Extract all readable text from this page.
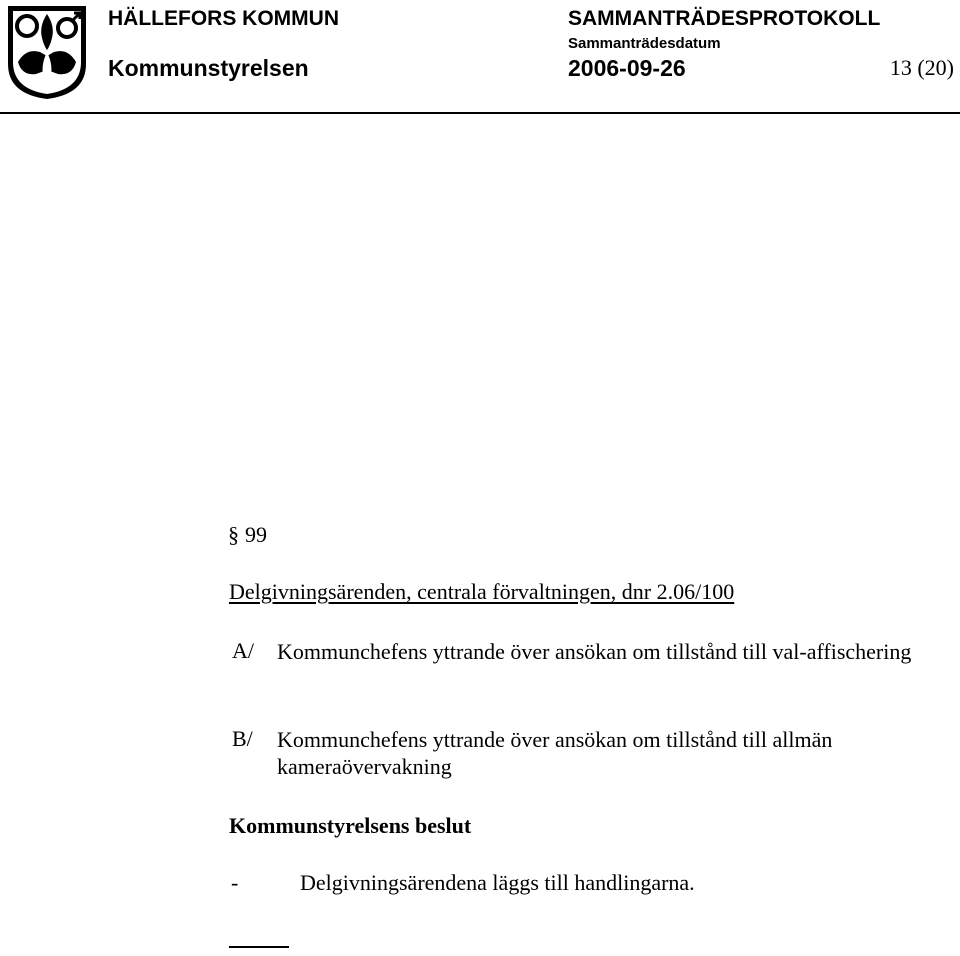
HÄLLEFORS KOMMUN
Kommunstyrelsen
SAMMANTRÄDESPROTOKOLL
Sammanträdesdatum
2006-09-26	13 (20)
§ 99
Delgivningsärenden, centrala förvaltningen, dnr 2.06/100
A/ Kommunchefens yttrande över ansökan om tillstånd till val-affischering
B/ Kommunchefens yttrande över ansökan om tillstånd till allmän kameraövervakning
Kommunstyrelsens beslut
-	Delgivningsärendena läggs till handlingarna.
